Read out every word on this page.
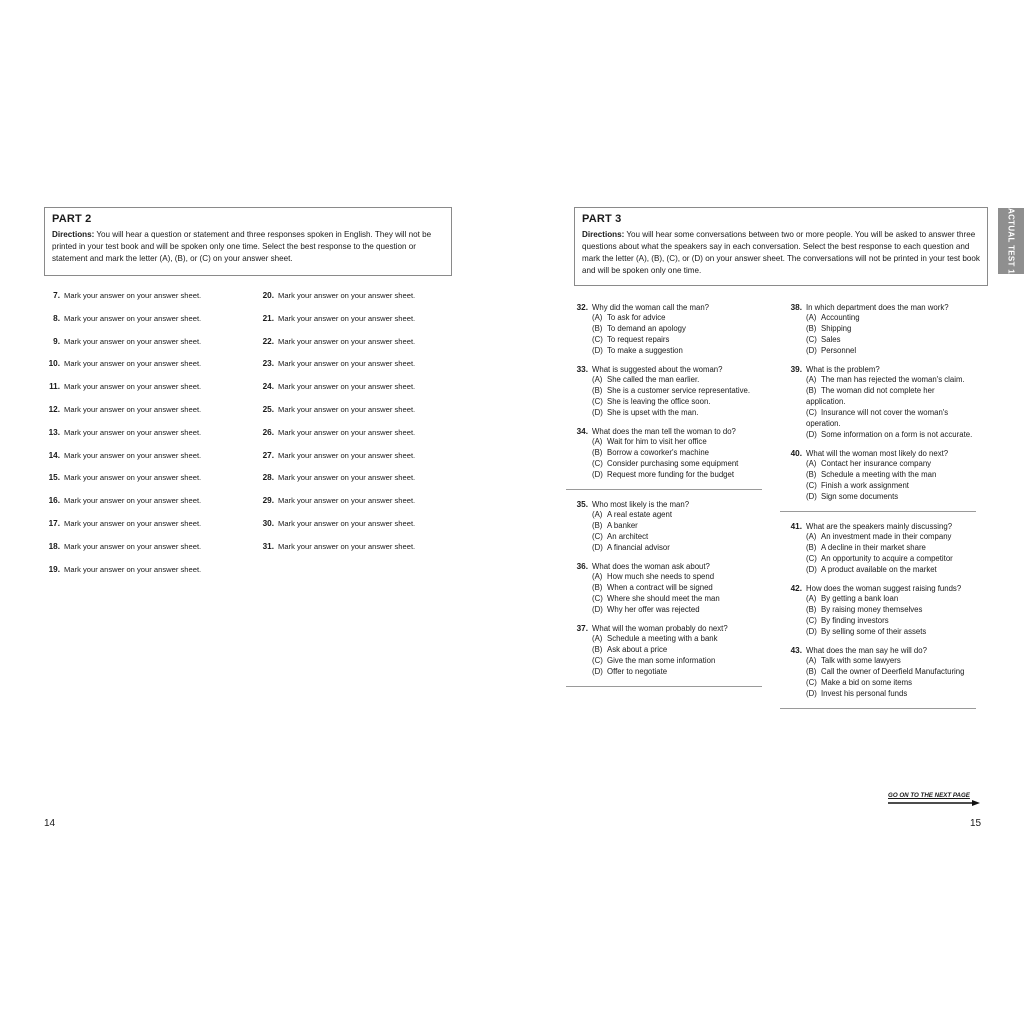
PART 2
Directions: You will hear a question or statement and three responses spoken in English. They will not be printed in your test book and will be spoken only one time. Select the best response to the question or statement and mark the letter (A), (B), or (C) on your answer sheet.
7. Mark your answer on your answer sheet.
8. Mark your answer on your answer sheet.
9. Mark your answer on your answer sheet.
10. Mark your answer on your answer sheet.
11. Mark your answer on your answer sheet.
12. Mark your answer on your answer sheet.
13. Mark your answer on your answer sheet.
14. Mark your answer on your answer sheet.
15. Mark your answer on your answer sheet.
16. Mark your answer on your answer sheet.
17. Mark your answer on your answer sheet.
18. Mark your answer on your answer sheet.
19. Mark your answer on your answer sheet.
20. Mark your answer on your answer sheet.
21. Mark your answer on your answer sheet.
22. Mark your answer on your answer sheet.
23. Mark your answer on your answer sheet.
24. Mark your answer on your answer sheet.
25. Mark your answer on your answer sheet.
26. Mark your answer on your answer sheet.
27. Mark your answer on your answer sheet.
28. Mark your answer on your answer sheet.
29. Mark your answer on your answer sheet.
30. Mark your answer on your answer sheet.
31. Mark your answer on your answer sheet.
14
PART 3
Directions: You will hear some conversations between two or more people. You will be asked to answer three questions about what the speakers say in each conversation. Select the best response to each question and mark the letter (A), (B), (C), or (D) on your answer sheet. The conversations will not be printed in your test book and will be spoken only one time.
32. Why did the woman call the man?
(A) To ask for advice
(B) To demand an apology
(C) To request repairs
(D) To make a suggestion
33. What is suggested about the woman?
(A) She called the man earlier.
(B) She is a customer service representative.
(C) She is leaving the office soon.
(D) She is upset with the man.
34. What does the man tell the woman to do?
(A) Wait for him to visit her office
(B) Borrow a coworker's machine
(C) Consider purchasing some equipment
(D) Request more funding for the budget
35. Who most likely is the man?
(A) A real estate agent
(B) A banker
(C) An architect
(D) A financial advisor
36. What does the woman ask about?
(A) How much she needs to spend
(B) When a contract will be signed
(C) Where she should meet the man
(D) Why her offer was rejected
37. What will the woman probably do next?
(A) Schedule a meeting with a bank
(B) Ask about a price
(C) Give the man some information
(D) Offer to negotiate
38. In which department does the man work?
(A) Accounting
(B) Shipping
(C) Sales
(D) Personnel
39. What is the problem?
(A) The man has rejected the woman's claim.
(B) The woman did not complete her application.
(C) Insurance will not cover the woman's operation.
(D) Some information on a form is not accurate.
40. What will the woman most likely do next?
(A) Contact her insurance company
(B) Schedule a meeting with the man
(C) Finish a work assignment
(D) Sign some documents
41. What are the speakers mainly discussing?
(A) An investment made in their company
(B) A decline in their market share
(C) An opportunity to acquire a competitor
(D) A product available on the market
42. How does the woman suggest raising funds?
(A) By getting a bank loan
(B) By raising money themselves
(C) By finding investors
(D) By selling some of their assets
43. What does the man say he will do?
(A) Talk with some lawyers
(B) Call the owner of Deerfield Manufacturing
(C) Make a bid on some items
(D) Invest his personal funds
15
ACTUAL TEST 1
GO ON TO THE NEXT PAGE
